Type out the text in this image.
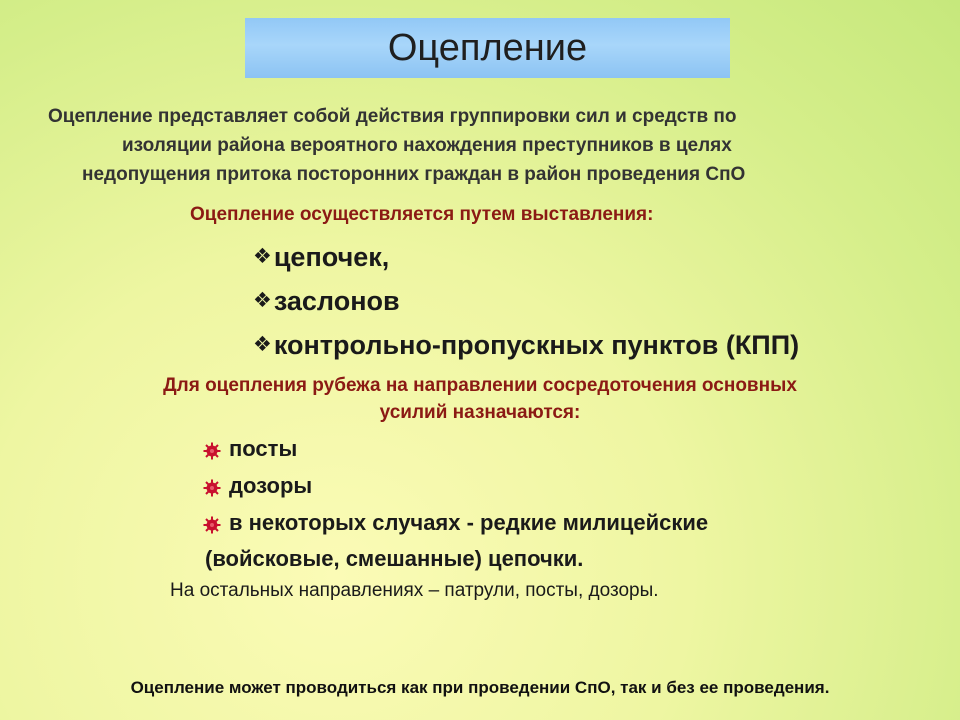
Оцепление
Оцепление представляет собой действия группировки сил и средств по
изоляции района вероятного нахождения преступников в целях
недопущения притока посторонних граждан в район проведения СпО
Оцепление осуществляется путем выставления:
❖ цепочек,
❖ заслонов
❖ контрольно-пропускных пунктов (КПП)
Для оцепления рубежа на направлении сосредоточения основных
усилий назначаются:
посты
дозоры
в некоторых случаях - редкие милицейские
(войсковые, смешанные) цепочки.
На остальных направлениях – патрули, посты, дозоры.
Оцепление может проводиться как при проведении СпО, так и без ее проведения.
